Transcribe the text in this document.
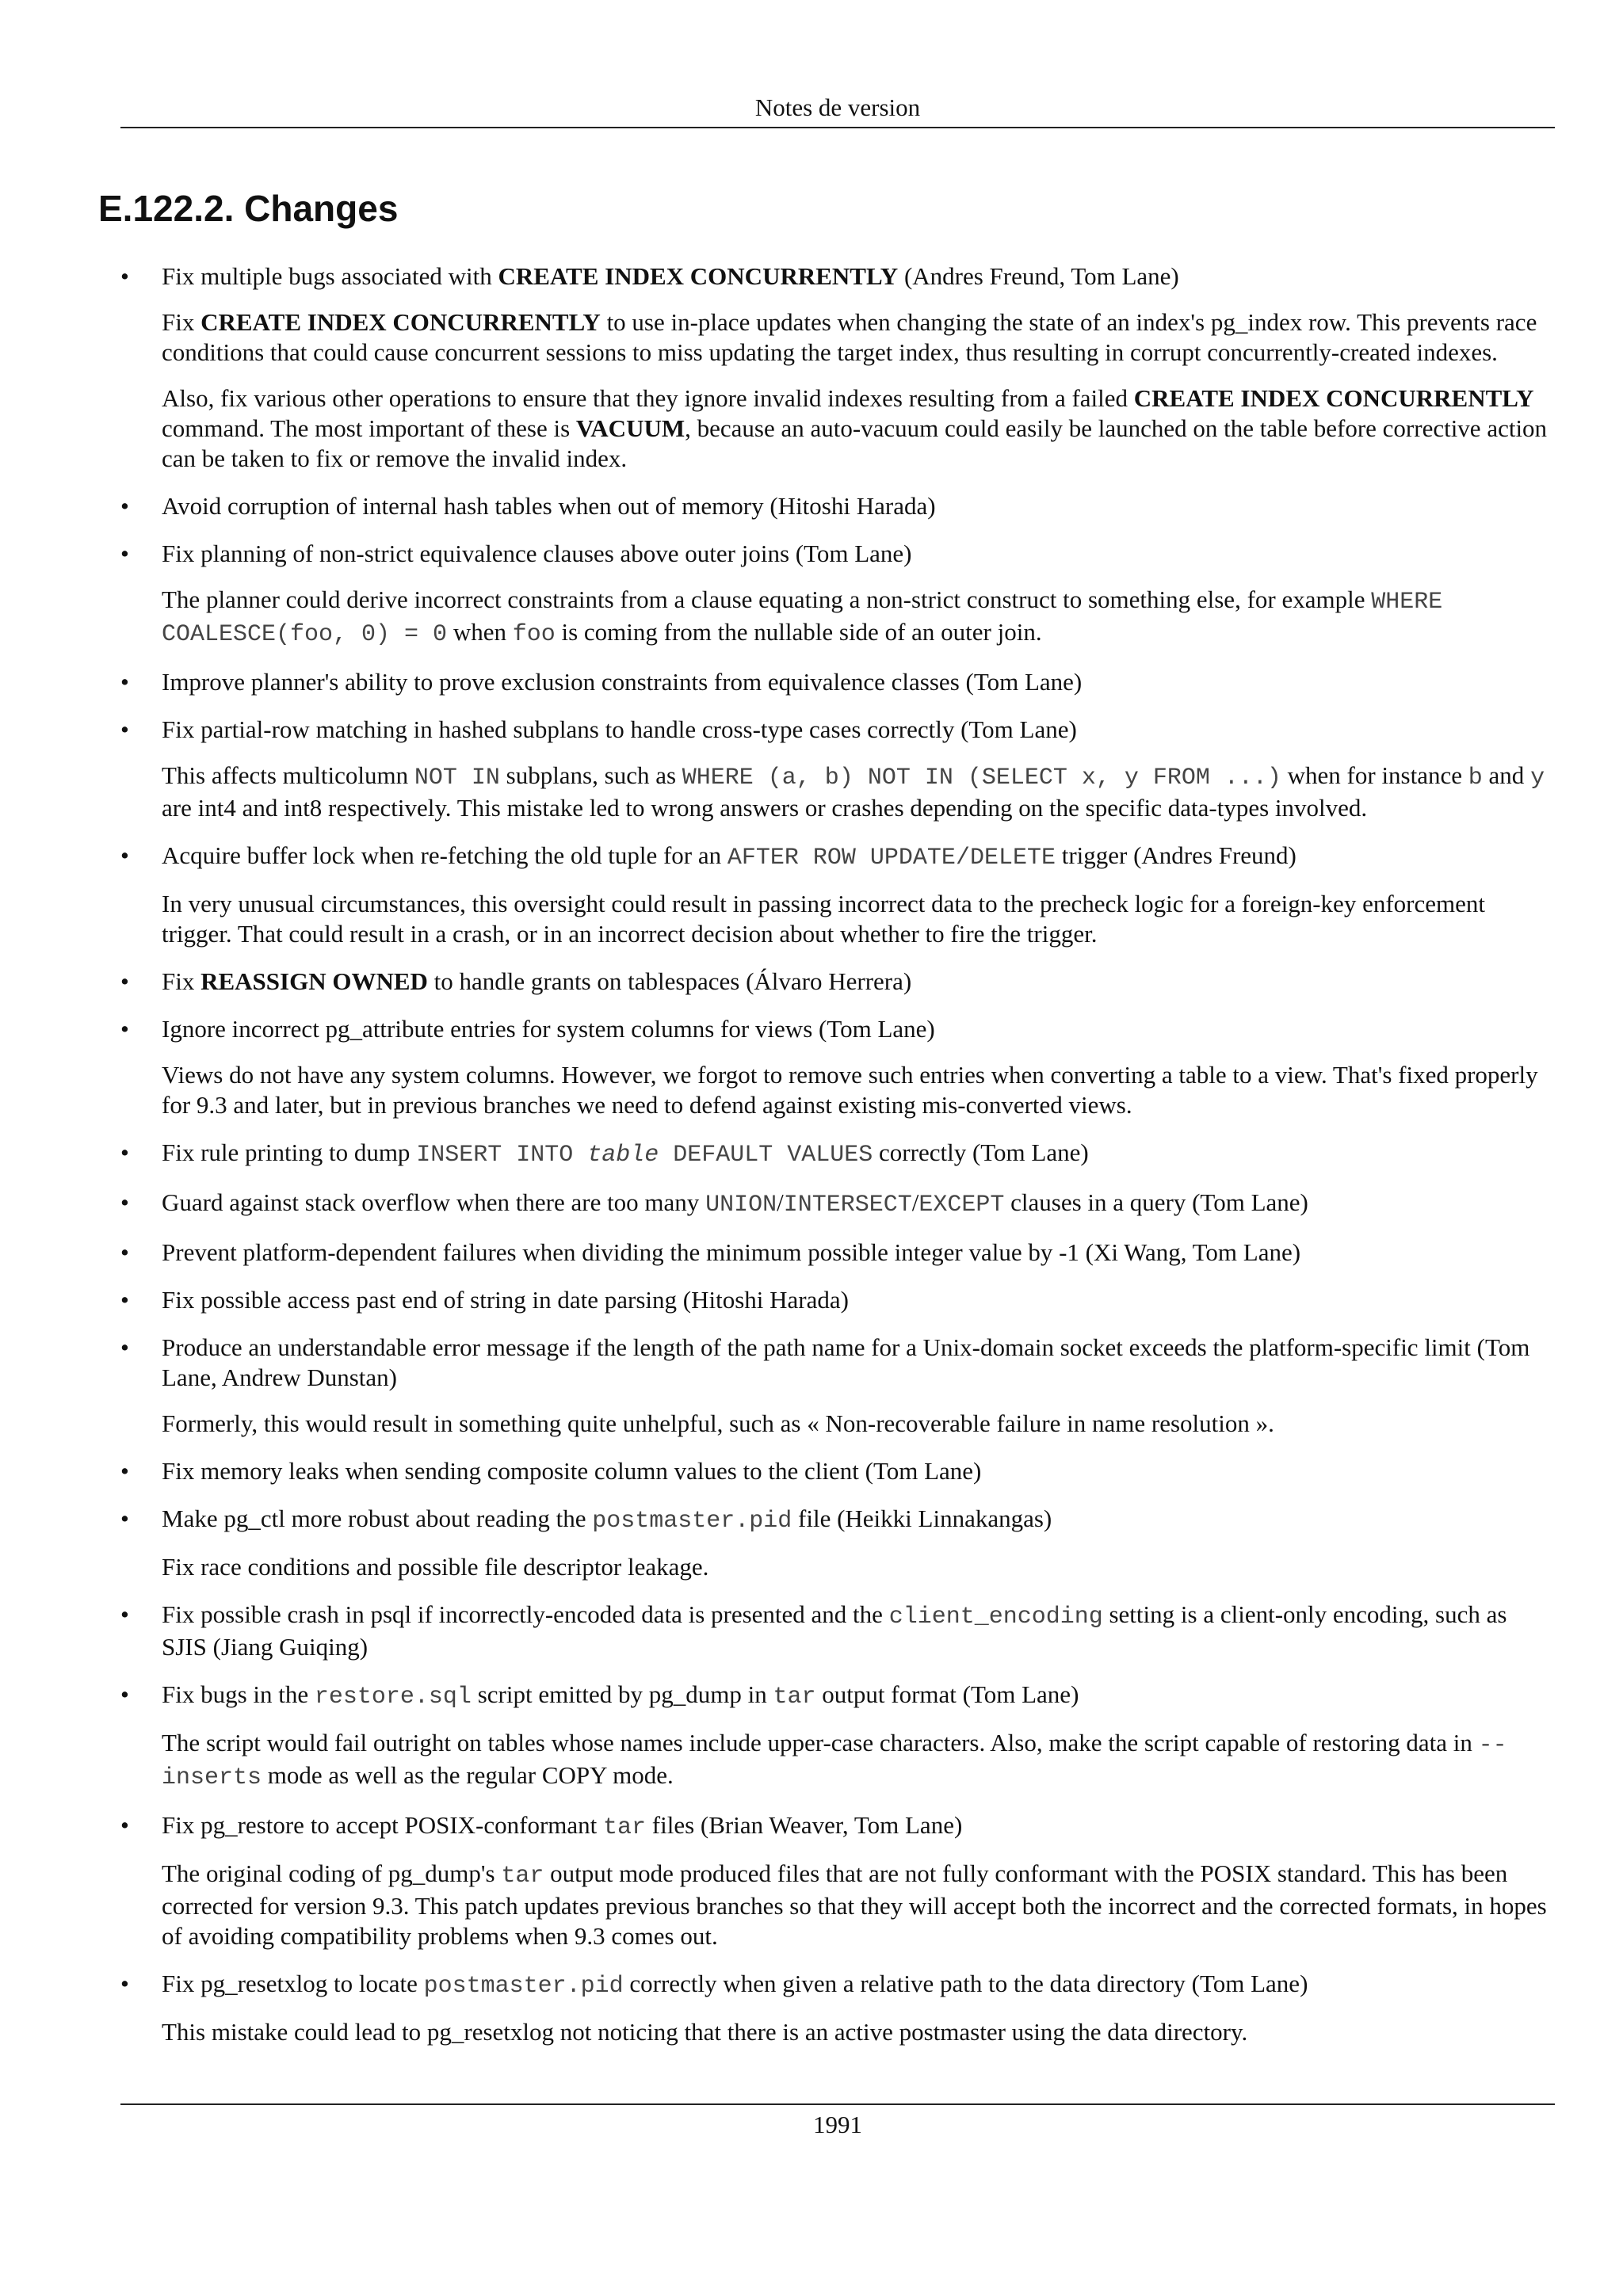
Notes de version
E.122.2. Changes
• Fix multiple bugs associated with CREATE INDEX CONCURRENTLY (Andres Freund, Tom Lane)

Fix CREATE INDEX CONCURRENTLY to use in-place updates when changing the state of an index's pg_index row. This prevents race conditions that could cause concurrent sessions to miss updating the target index, thus resulting in corrupt concurrently-created indexes.

Also, fix various other operations to ensure that they ignore invalid indexes resulting from a failed CREATE INDEX CONCURRENTLY command. The most important of these is VACUUM, because an auto-vacuum could easily be launched on the table before corrective action can be taken to fix or remove the invalid index.

• Avoid corruption of internal hash tables when out of memory (Hitoshi Harada)

• Fix planning of non-strict equivalence clauses above outer joins (Tom Lane)

The planner could derive incorrect constraints from a clause equating a non-strict construct to something else, for example WHERE COALESCE(foo, 0) = 0 when foo is coming from the nullable side of an outer join.

• Improve planner's ability to prove exclusion constraints from equivalence classes (Tom Lane)

• Fix partial-row matching in hashed subplans to handle cross-type cases correctly (Tom Lane)

This affects multicolumn NOT IN subplans, such as WHERE (a, b) NOT IN (SELECT x, y FROM ...) when for instance b and y are int4 and int8 respectively. This mistake led to wrong answers or crashes depending on the specific data-types involved.

• Acquire buffer lock when re-fetching the old tuple for an AFTER ROW UPDATE/DELETE trigger (Andres Freund)

In very unusual circumstances, this oversight could result in passing incorrect data to the precheck logic for a foreign-key enforcement trigger. That could result in a crash, or in an incorrect decision about whether to fire the trigger.

• Fix REASSIGN OWNED to handle grants on tablespaces (Álvaro Herrera)

• Ignore incorrect pg_attribute entries for system columns for views (Tom Lane)

Views do not have any system columns. However, we forgot to remove such entries when converting a table to a view. That's fixed properly for 9.3 and later, but in previous branches we need to defend against existing mis-converted views.

• Fix rule printing to dump INSERT INTO table DEFAULT VALUES correctly (Tom Lane)

• Guard against stack overflow when there are too many UNION/INTERSECT/EXCEPT clauses in a query (Tom Lane)

• Prevent platform-dependent failures when dividing the minimum possible integer value by -1 (Xi Wang, Tom Lane)

• Fix possible access past end of string in date parsing (Hitoshi Harada)

• Produce an understandable error message if the length of the path name for a Unix-domain socket exceeds the platform-specific limit (Tom Lane, Andrew Dunstan)

Formerly, this would result in something quite unhelpful, such as « Non-recoverable failure in name resolution ».

• Fix memory leaks when sending composite column values to the client (Tom Lane)

• Make pg_ctl more robust about reading the postmaster.pid file (Heikki Linnakangas)

Fix race conditions and possible file descriptor leakage.

• Fix possible crash in psql if incorrectly-encoded data is presented and the client_encoding setting is a client-only encoding, such as SJIS (Jiang Guiqing)

• Fix bugs in the restore.sql script emitted by pg_dump in tar output format (Tom Lane)

The script would fail outright on tables whose names include upper-case characters. Also, make the script capable of restoring data in --inserts mode as well as the regular COPY mode.

• Fix pg_restore to accept POSIX-conformant tar files (Brian Weaver, Tom Lane)

The original coding of pg_dump's tar output mode produced files that are not fully conformant with the POSIX standard. This has been corrected for version 9.3. This patch updates previous branches so that they will accept both the incorrect and the corrected formats, in hopes of avoiding compatibility problems when 9.3 comes out.

• Fix pg_resetxlog to locate postmaster.pid correctly when given a relative path to the data directory (Tom Lane)

This mistake could lead to pg_resetxlog not noticing that there is an active postmaster using the data directory.

1991
